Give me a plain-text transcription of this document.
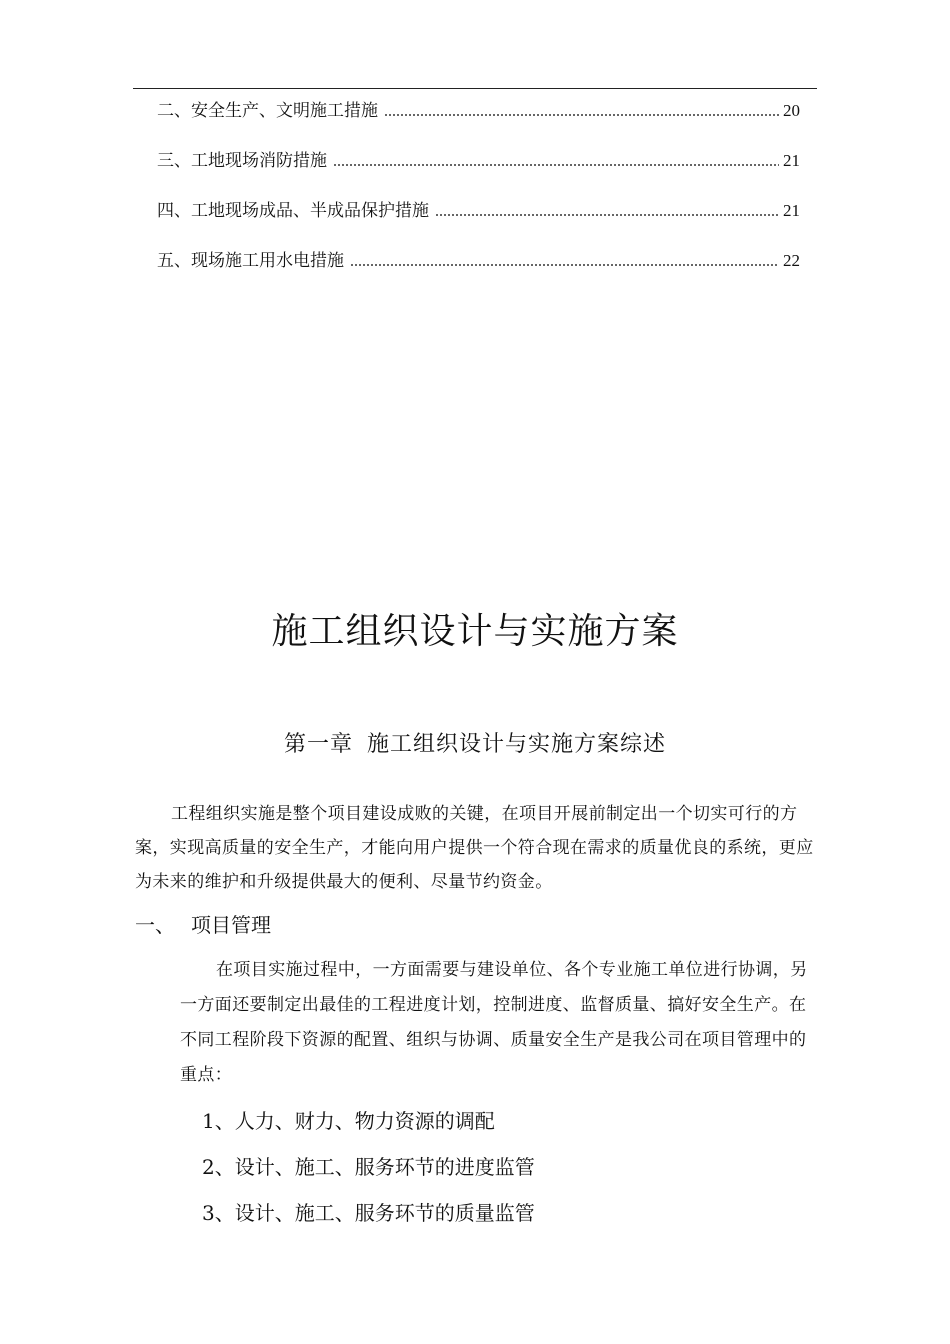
二、安全生产、文明施工措施	20
三、工地现场消防措施	21
四、工地现场成品、半成品保护措施	21
五、现场施工用水电措施	22
施工组织设计与实施方案
第一章 施工组织设计与实施方案综述

工程组织实施是整个项目建设成败的关键，在项目开展前制定出一个切实可行的方案，实现高质量的安全生产，才能向用户提供一个符合现在需求的质量优良的系统，更应为未来的维护和升级提供最大的便利、尽量节约资金。

一、 项目管理

在项目实施过程中，一方面需要与建设单位、各个专业施工单位进行协调，另一方面还要制定出最佳的工程进度计划，控制进度、监督质量、搞好安全生产。在不同工程阶段下资源的配置、组织与协调、质量安全生产是我公司在项目管理中的重点：

1、人力、财力、物力资源的调配
2、设计、施工、服务环节的进度监管
3、设计、施工、服务环节的质量监管
